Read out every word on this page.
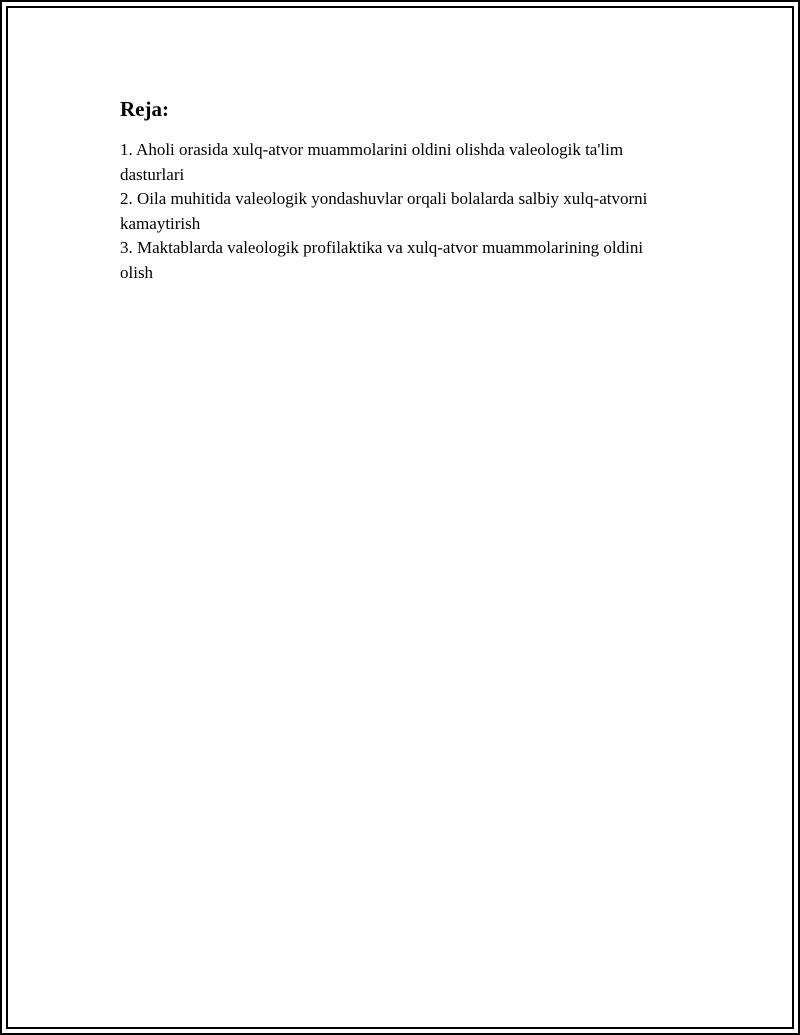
Reja:
1. Aholi orasida xulq-atvor muammolarini oldini olishda valeologik ta'lim dasturlari
2. Oila muhitida valeologik yondashuvlar orqali bolalarda salbiy xulq-atvorni kamaytirish
3. Maktablarda valeologik profilaktika va xulq-atvor muammolarining oldini olish
